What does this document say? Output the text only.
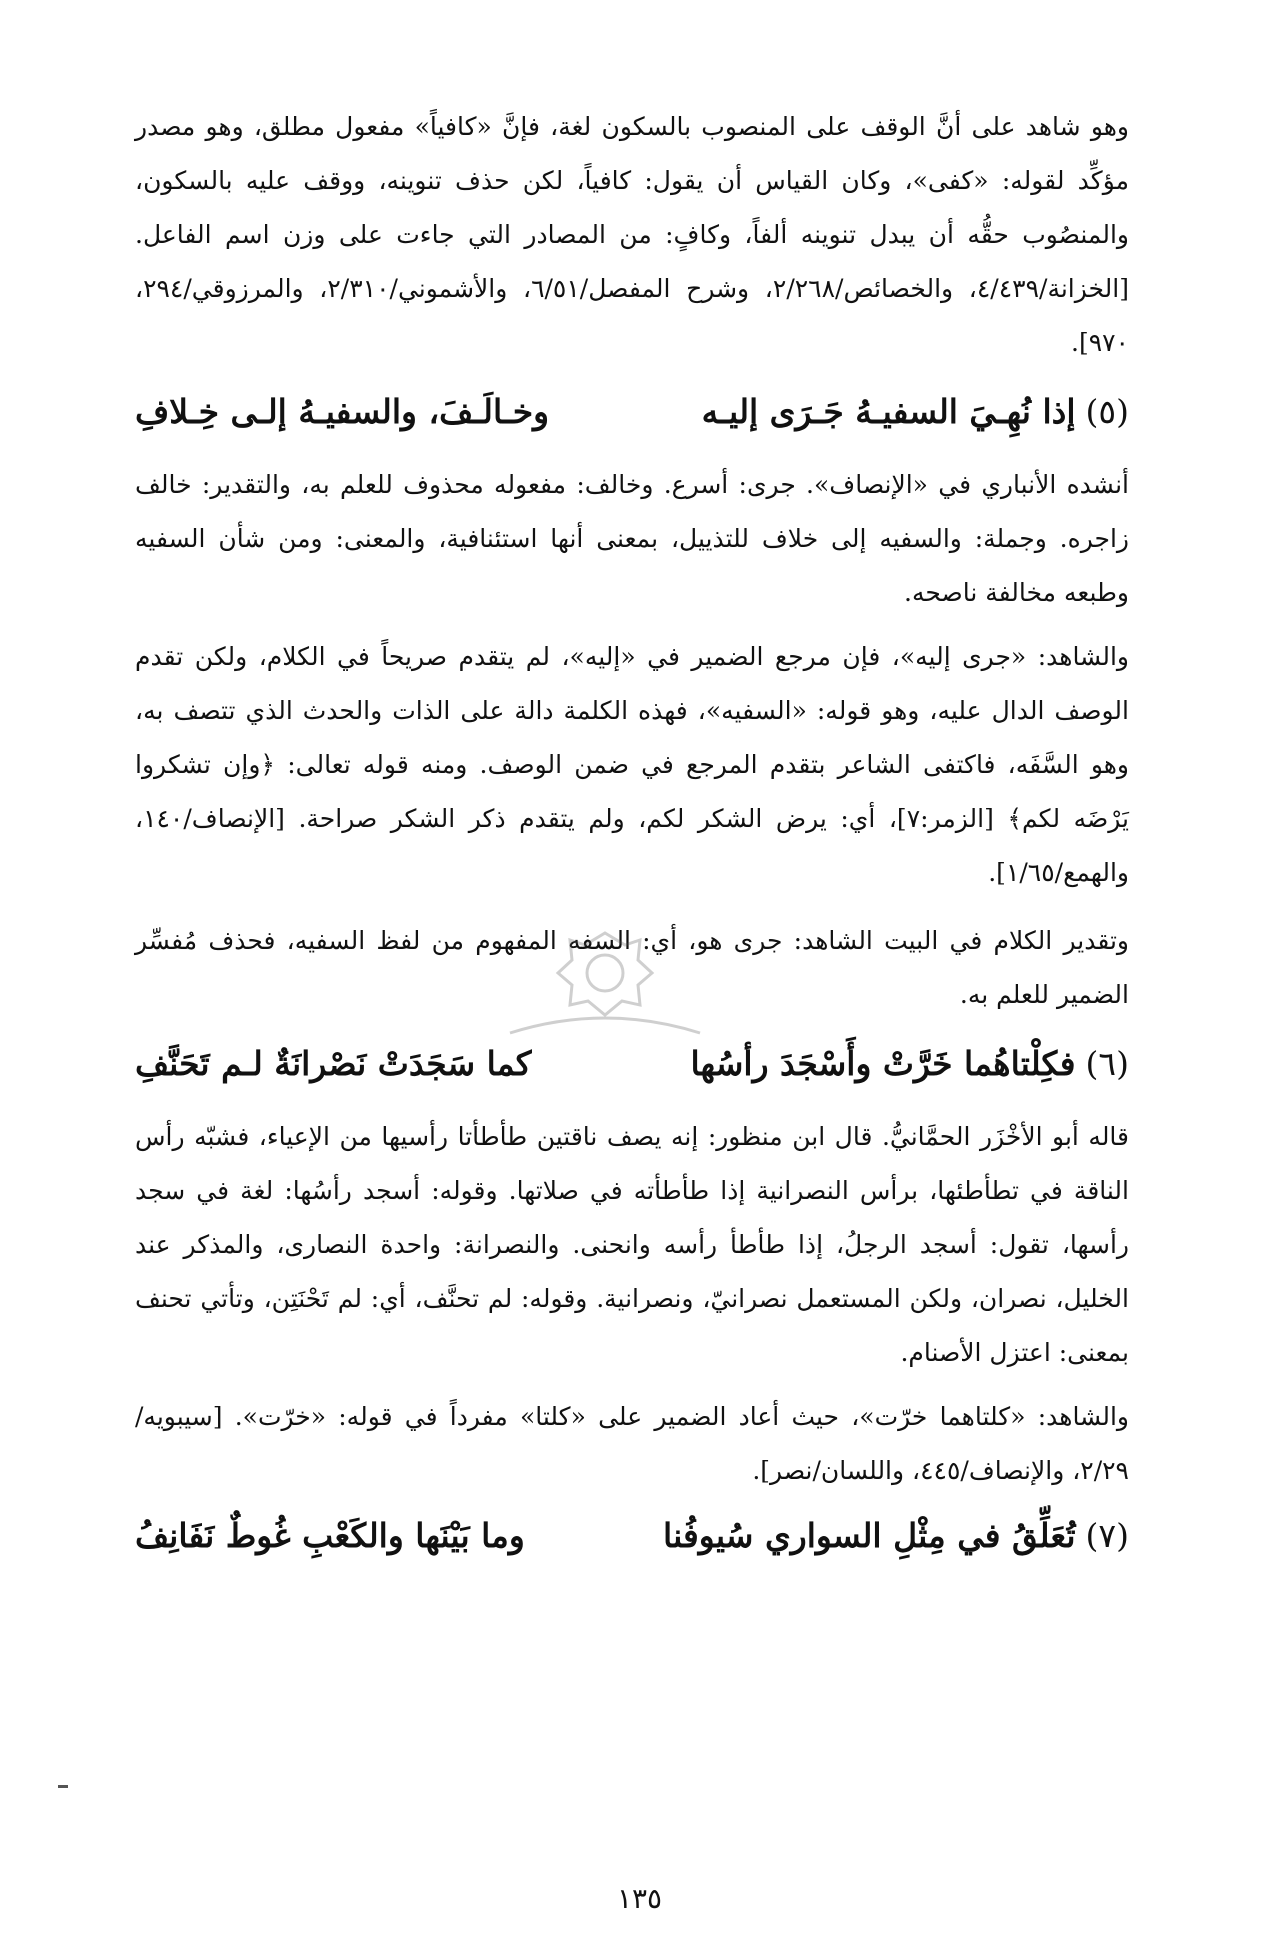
وهو شاهد على أنَّ الوقف على المنصوب بالسكون لغة، فإنَّ «كافياً» مفعول مطلق، وهو مصدر مؤكِّد لقوله: «كفى»، وكان القياس أن يقول: كافياً، لكن حذف تنوينه، ووقف عليه بالسكون، والمنصُوب حقُّه أن يبدل تنوينه ألفاً، وكافٍ: من المصادر التي جاءت على وزن اسم الفاعل. [الخزانة/٤/٤٣٩، والخصائص/٢/٢٦٨، وشرح المفصل/٦/٥١، والأشموني/٢/٣١٠، والمرزوقي/٢٩٤، ٩٧٠].

(٥)
إذا نُهِـيَ السفيـهُ جَـرَى إليـه
وخـالَـفَ، والسفيـهُ إلـى خِـلافِ

أنشده الأنباري في «الإنصاف». جرى: أسرع. وخالف: مفعوله محذوف للعلم به، والتقدير: خالف زاجره. وجملة: والسفيه إلى خلاف للتذييل، بمعنى أنها استئنافية، والمعنى: ومن شأن السفيه وطبعه مخالفة ناصحه.

والشاهد: «جرى إليه»، فإن مرجع الضمير في «إليه»، لم يتقدم صريحاً في الكلام، ولكن تقدم الوصف الدال عليه، وهو قوله: «السفيه»، فهذه الكلمة دالة على الذات والحدث الذي تتصف به، وهو السَّفَه، فاكتفى الشاعر بتقدم المرجع في ضمن الوصف. ومنه قوله تعالى: ﴿وإن تشكروا يَرْضَه لكم﴾ [الزمر:٧]، أي: يرض الشكر لكم، ولم يتقدم ذكر الشكر صراحة. [الإنصاف/١٤٠، والهمع/١/٦٥].

وتقدير الكلام في البيت الشاهد: جرى هو، أي: السفه المفهوم من لفظ السفيه، فحذف مُفسِّر الضمير للعلم به.

(٦)
فكِلْتاهُما خَرَّتْ وأَسْجَدَ رأسُها
كما سَجَدَتْ نَصْرانَةٌ لـم تَحَنَّفِ

قاله أبو الأخْزَر الحمَّانيُّ. قال ابن منظور: إنه يصف ناقتين طأطأتا رأسيها من الإعياء، فشبّه رأس الناقة في تطأطئها، برأس النصرانية إذا طأطأته في صلاتها. وقوله: أسجد رأسُها: لغة في سجد رأسها، تقول: أسجد الرجلُ، إذا طأطأ رأسه وانحنى. والنصرانة: واحدة النصارى، والمذكر عند الخليل، نصران، ولكن المستعمل نصرانيّ، ونصرانية. وقوله: لم تحنَّف، أي: لم تَحْنَتِن، وتأتي تحنف بمعنى: اعتزل الأصنام.

والشاهد: «كلتاهما خرّت»، حيث أعاد الضمير على «كلتا» مفرداً في قوله: «خرّت». [سيبويه/٢/٢٩، والإنصاف/٤٤٥، واللسان/نصر].

(٧)
تُعَلِّقُ في مِثْلِ السواري سُيوفُنا
وما بَيْنَها والكَعْبِ غُوطٌ نَفَانِفُ
١٣٥
